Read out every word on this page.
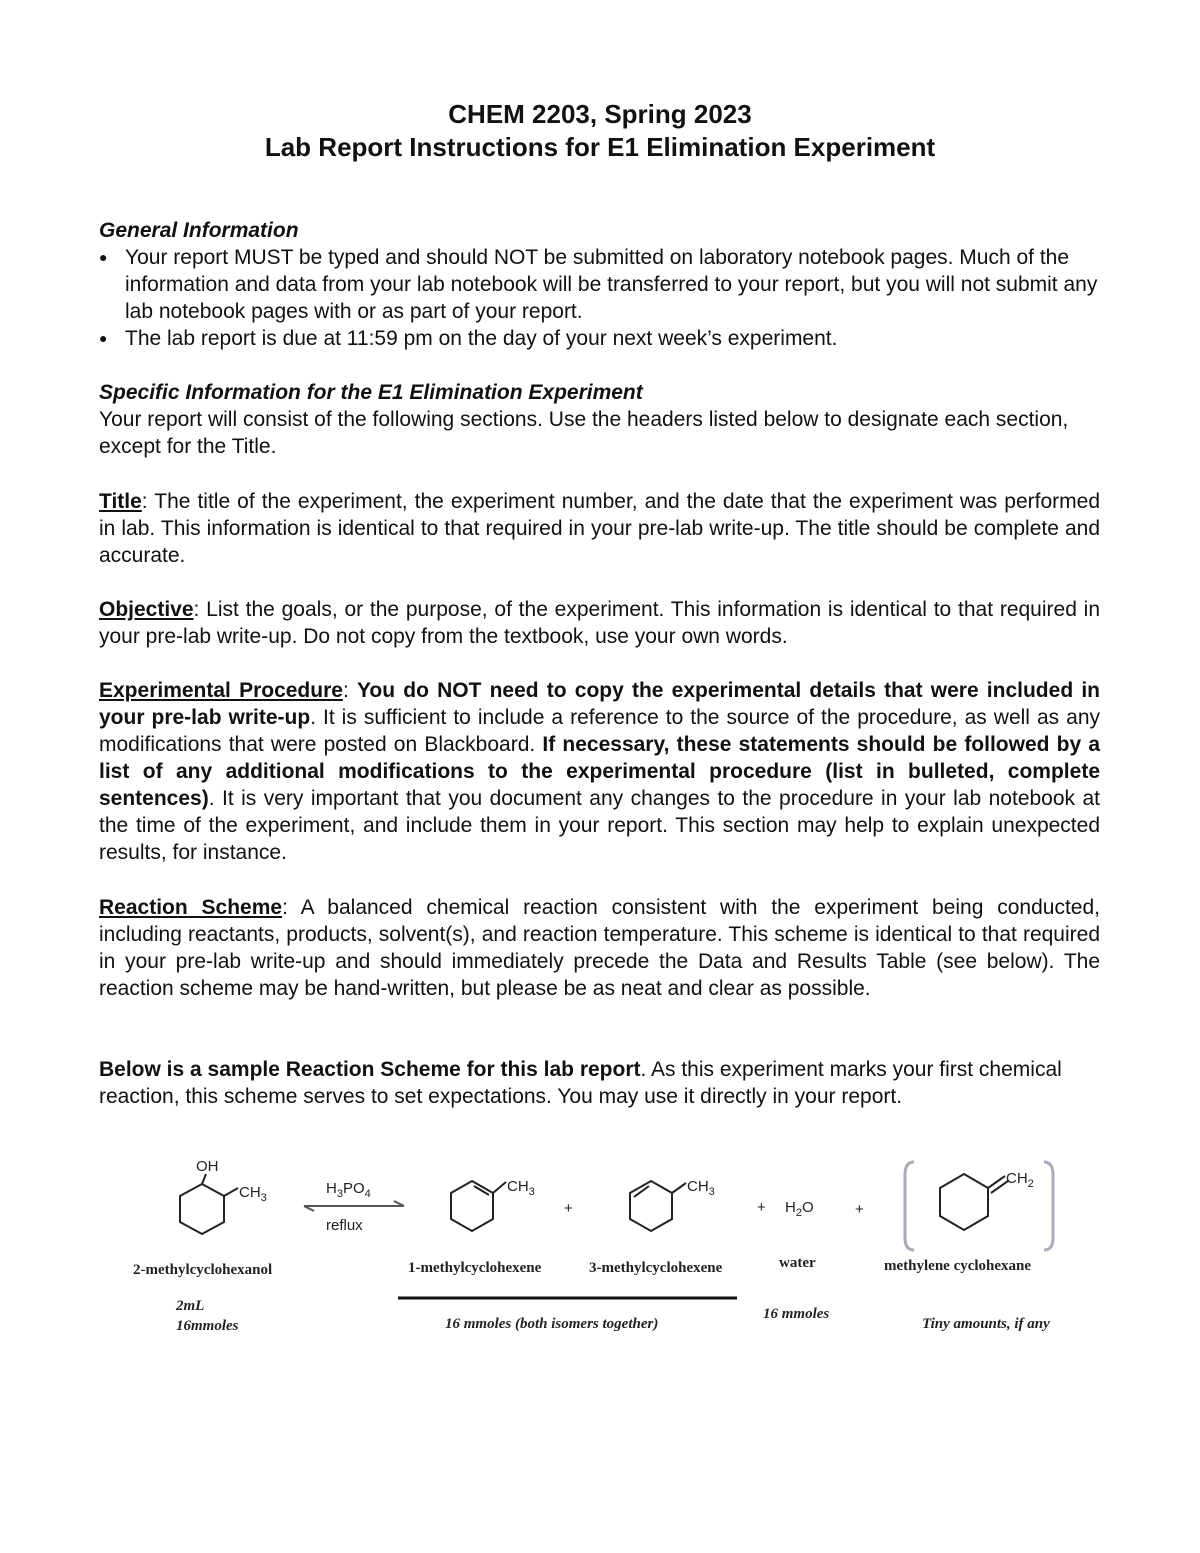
CHEM 2203, Spring 2023
Lab Report Instructions for E1 Elimination Experiment
General Information
● Your report MUST be typed and should NOT be submitted on laboratory notebook pages. Much of the information and data from your lab notebook will be transferred to your report, but you will not submit any lab notebook pages with or as part of your report.
● The lab report is due at 11:59 pm on the day of your next week’s experiment.
Specific Information for the E1 Elimination Experiment
Your report will consist of the following sections. Use the headers listed below to designate each section, except for the Title.
Title: The title of the experiment, the experiment number, and the date that the experiment was performed in lab. This information is identical to that required in your pre-lab write-up. The title should be complete and accurate.
Objective: List the goals, or the purpose, of the experiment. This information is identical to that required in your pre-lab write-up. Do not copy from the textbook, use your own words.
Experimental Procedure: You do NOT need to copy the experimental details that were included in your pre-lab write-up. It is sufficient to include a reference to the source of the procedure, as well as any modifications that were posted on Blackboard. If necessary, these statements should be followed by a list of any additional modifications to the experimental procedure (list in bulleted, complete sentences). It is very important that you document any changes to the procedure in your lab notebook at the time of the experiment, and include them in your report. This section may help to explain unexpected results, for instance.
Reaction Scheme: A balanced chemical reaction consistent with the experiment being conducted, including reactants, products, solvent(s), and reaction temperature. This scheme is identical to that required in your pre-lab write-up and should immediately precede the Data and Results Table (see below). The reaction scheme may be hand-written, but please be as neat and clear as possible.
Below is a sample Reaction Scheme for this lab report. As this experiment marks your first chemical reaction, this scheme serves to set expectations. You may use it directly in your report.
OH
$CH_3$
$H_3PO_4$
reflux
$CH_3$
+
$CH_3$
+ $H_2O$	+
$CH_2$
2-methylcyclohexanol	1-methylcyclohexene	3-methylcyclohexene	water	methylene cyclohexane
2mL
16mmoles	16 mmoles (both isomers together)
16 mmoles
Tiny amounts, if any
